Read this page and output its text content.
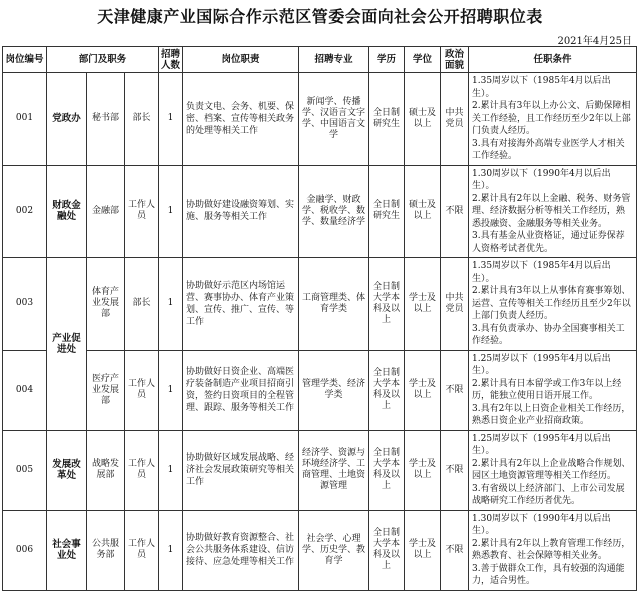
天津健康产业国际合作示范区管委会面向社会公开招聘职位表
2021年4月25日
岗位编号	部门及职务			招聘人数	岗位职责	招聘专业	学历	学位	政治面貌	任职条件
001	党政办	秘书部	部长	1	负责文电、会务、机要、保密、档案、宣传等相关政务的处理等相关工作	新闻学、传播学、汉语言文字学、中国语言文学	全日制研究生	硕士及以上	中共党员	1.35周岁以下（1985年4月以后出生）。
2.累计具有3年以上办公文、后勤保障相关工作经验，且工作经历至少2年以上部门负责人经历。
3.具有对接海外高端专业医学人才相关工作经验。

002	财政金融处	金融部	工作人员	1	协助做好建设融资筹划、实施、服务等相关工作	金融学、财政学、税收学、数学、数量经济学	全日制研究生	硕士及以上	不限	1.30周岁以下（1990年4月以后出生）。
2.累计具有2年以上金融、税务、财务管理、经济数据分析等相关工作经历，熟悉投融资、金融服务等相关业务。
3.具有基金从业资格证，通过证券保荐人资格考试者优先。

003	产业促进处	体育产业发展部	部长	1	协助做好示范区内场馆运营、赛事协办、体育产业策划、宣传、推广、宣传、等工作	工商管理类、体育学类	全日制大学本科及以上	学士及以上	中共党员	1.35周岁以下（1985年4月以后出生）。
2.累计具有3年以上从事体育赛事筹划、运营、宣传等相关工作经历且至少2年以上部门负责人经历。
3.具有负责承办、协办全国赛事相关工作经验。

004		医疗产业发展部	工作人员	1	协助做好日资企业、高端医疗装备制造产业项目招商引资，签约日资项目的全程管理、跟踪、服务等相关工作	管理学类、经济学类	全日制大学本科及以上	学士及以上	不限	1.25周岁以下（1995年4月以后出生）。
2.累计具有日本留学或工作3年以上经历，能独立使用日语开展工作。
3.具有2年以上日资企业相关工作经历，熟悉日资企业产业招商政策。

005	发展改革处	战略发展部	工作人员	1	协助做好区域发展战略、经济社会发展政策研究等相关工作	经济学、资源与环境经济学、工商管理、土地资源管理	全日制大学本科及以上	学士及以上	不限	1.25周岁以下（1995年4月以后出生）。
2.累计具有2年以上企业战略合作规划、园区土地资源管理等相关工作经历。
3.有省级以上经济部门、上市公司发展战略研究工作经历者优先。

006	社会事业处	公共服务部	工作人员	1	协助做好教育资源整合、社会公共服务体系建设、信访接待、应急处理等相关工作	社会学、心理学、历史学、教育学	全日制大学本科及以上	学士及以上	不限	1.30周岁以下（1990年4月以后出生）。
2.累计具有2年以上教育管理工作经历，熟悉教育、社会保障等相关业务。
3.善于做群众工作，具有较强的沟通能力，适合男性。
